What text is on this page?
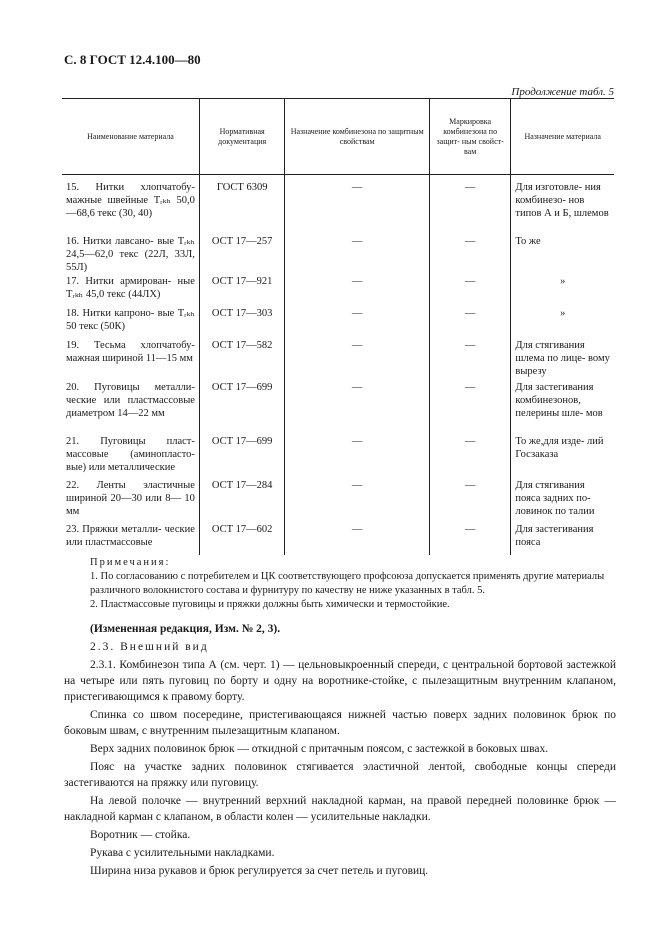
С. 8 ГОСТ 12.4.100—80
Продолжение табл. 5
Наименование материала	Нормативная документация	Назначение комбинезона по защитным свойствам	Маркировка комбинезона по защит- ным свойст- вам	Назначение материала
15. Нитки хлопчатобу- мажные швейные Тᵣₖₕ 50,0—68,6 текс (30, 40)	ГОСТ 6309	—	—	Для изготовле- ния комбинезо- нов типов А и Б, шлемов
16. Нитки лавсано- вые Тᵣₖₕ 24,5—62,0 текс (22Л, 33Л, 55Л)	ОСТ 17—257	—	—	То же
17. Нитки армирован- ные Тᵣₖₕ 45,0 текс (44ЛХ)	ОСТ 17—921	—	—	»
18. Нитки капроно- вые Тᵣₖₕ 50 текс (50К)	ОСТ 17—303	—	—	»
19. Тесьма хлопчатобу- мажная шириной 11—15 мм	ОСТ 17—582	—	—	Для стягивания шлема по лице- вому вырезу
20. Пуговицы металли- ческие или пластмассовые диаметром 14—22 мм	ОСТ 17—699	—	—	Для застегивания комбинезонов, пелерины шле- мов
21. Пуговицы пласт- массовые (аминопласто- вые) или металлические	ОСТ 17—699	—	—	То же,для изде- лий Госзаказа
22. Ленты эластичные шириной 20—30 или 8— 10 мм	ОСТ 17—284	—	—	Для стягивания пояса задних по- ловинок по талии
23. Пряжки металли- ческие или пластмассовые	ОСТ 17—602	—	—	Для застегивания пояса

Примечания:

1. По согласованию с потребителем и ЦК соответствующего профсоюза допускается применять другие материалы различного волокнистого состава и фурнитуру по качеству не ниже указанных в табл. 5.

2. Пластмассовые пуговицы и пряжки должны быть химически и термостойкие.

(Измененная редакция, Изм. № 2, 3).

2.3. Внешний вид

2.3.1. Комбинезон типа А (см. черт. 1) — цельновыкроенный спереди, с центральной бортовой застежкой на четыре или пять пуговиц по борту и одну на воротнике-стойке, с пылезащитным внутренним клапаном, пристегивающимся к правому борту.

Спинка со швом посередине, пристегивающаяся нижней частью поверх задних половинок брюк по боковым швам, с внутренним пылезащитным клапаном.

Верх задних половинок брюк — откидной с притачным поясом, с застежкой в боковых швах.

Пояс на участке задних половинок стягивается эластичной лентой, свободные концы спереди застегиваются на пряжку или пуговицу.

На левой полочке — внутренний верхний накладной карман, на правой передней половинке брюк — накладной карман с клапаном, в области колен — усилительные накладки.

Воротник — стойка.

Рукава с усилительными накладками.

Ширина низа рукавов и брюк регулируется за счет петель и пуговиц.
